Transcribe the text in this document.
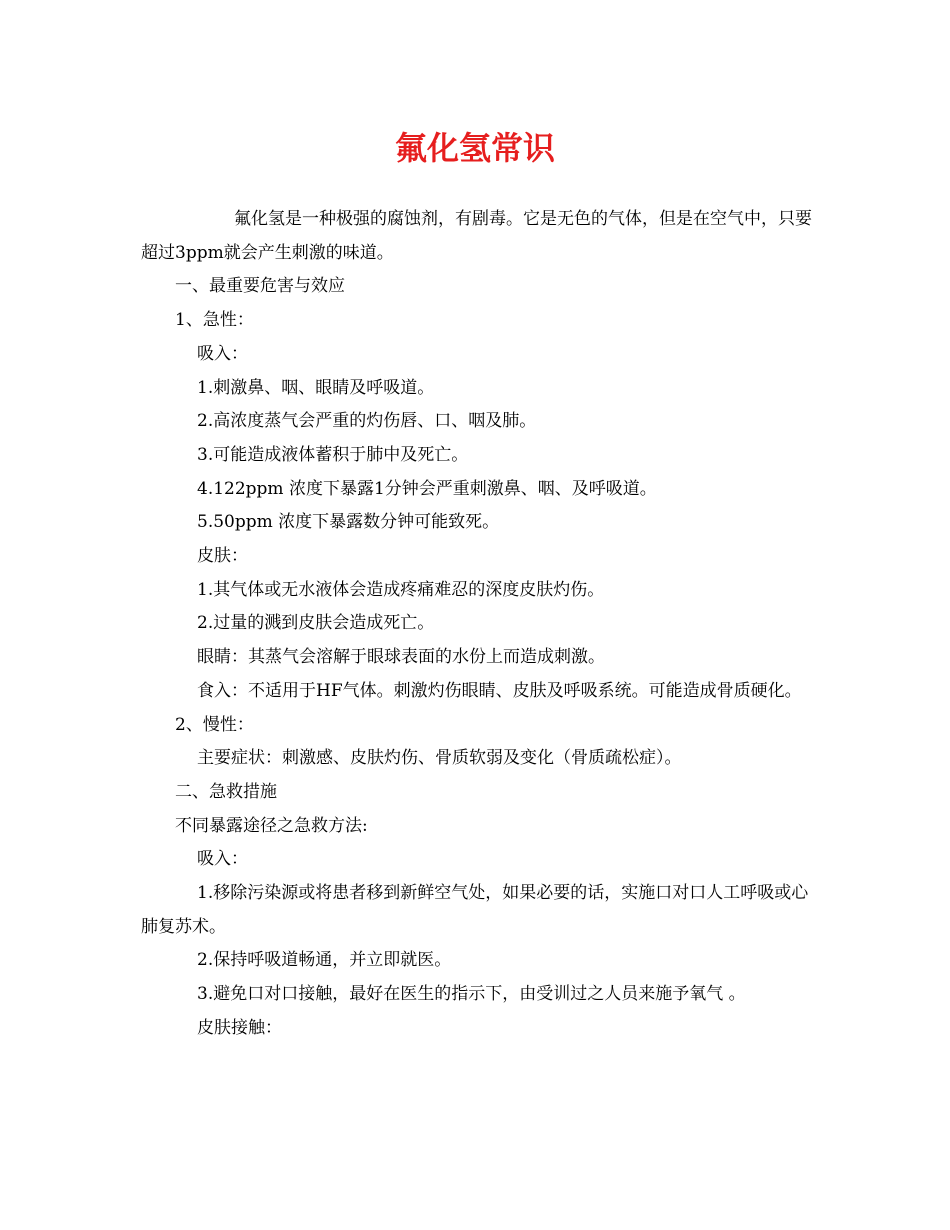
氟化氢常识

氟化氢是一种极强的腐蚀剂，有剧毒。它是无色的气体，但是在空气中，只要超过3ppm就会产生刺激的味道。

一、最重要危害与效应

1、急性：

吸入：

1.刺激鼻、咽、眼睛及呼吸道。

2.高浓度蒸气会严重的灼伤唇、口、咽及肺。

3.可能造成液体蓄积于肺中及死亡。

4.122ppm 浓度下暴露1分钟会严重刺激鼻、咽、及呼吸道。

5.50ppm 浓度下暴露数分钟可能致死。

皮肤：

1.其气体或无水液体会造成疼痛难忍的深度皮肤灼伤。

2.过量的溅到皮肤会造成死亡。

眼睛：其蒸气会溶解于眼球表面的水份上而造成刺激。

食入：不适用于HF气体。刺激灼伤眼睛、皮肤及呼吸系统。可能造成骨质硬化。

2、慢性：

主要症状：刺激感、皮肤灼伤、骨质软弱及变化（骨质疏松症）。

二、急救措施

不同暴露途径之急救方法:

吸入：

1.移除污染源或将患者移到新鲜空气处，如果必要的话，实施口对口人工呼吸或心肺复苏术。

2.保持呼吸道畅通，并立即就医。

3.避免口对口接触，最好在医生的指示下，由受训过之人员来施予氧气 。

皮肤接触：
